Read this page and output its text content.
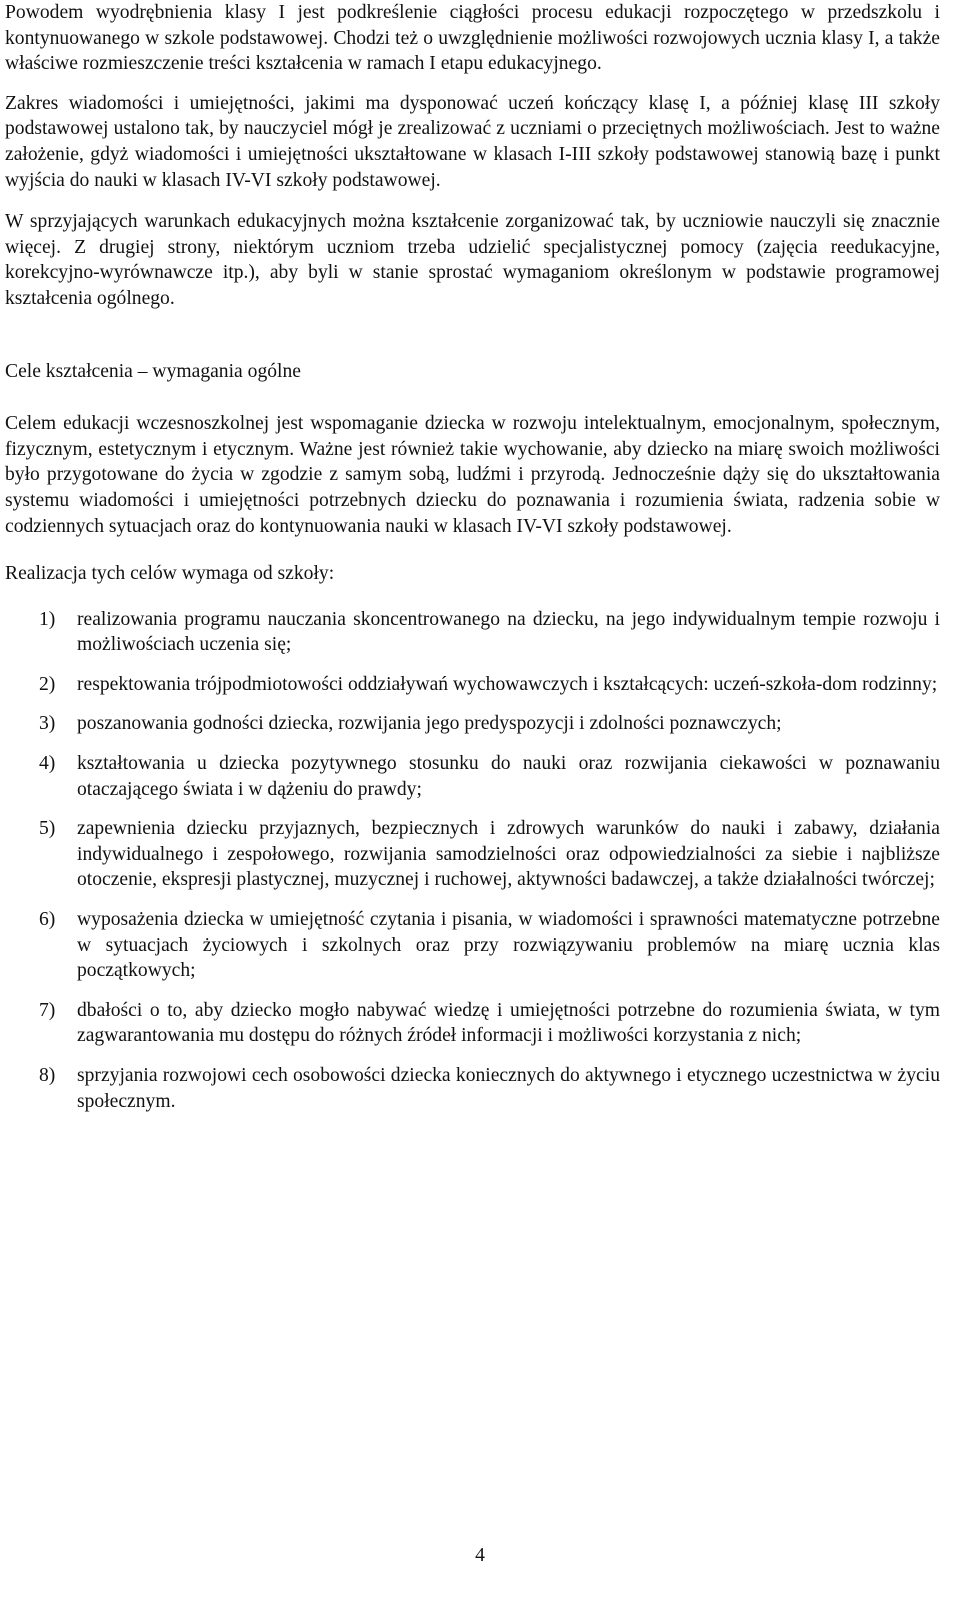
Powodem wyodrębnienia klasy I jest podkreślenie ciągłości procesu edukacji rozpoczętego w przedszkolu i kontynuowanego w szkole podstawowej. Chodzi też o uwzględnienie możliwości rozwojowych ucznia klasy I, a także właściwe rozmieszczenie treści kształcenia w ramach I etapu edukacyjnego.

Zakres wiadomości i umiejętności, jakimi ma dysponować uczeń kończący klasę I, a później klasę III szkoły podstawowej ustalono tak, by nauczyciel mógł je zrealizować z uczniami o przeciętnych możliwościach. Jest to ważne założenie, gdyż wiadomości i umiejętności ukształtowane w klasach I-III szkoły podstawowej stanowią bazę i punkt wyjścia do nauki w klasach IV-VI szkoły podstawowej.

W sprzyjających warunkach edukacyjnych można kształcenie zorganizować tak, by uczniowie nauczyli się znacznie więcej. Z drugiej strony, niektórym uczniom trzeba udzielić specjalistycznej pomocy (zajęcia reedukacyjne, korekcyjno-wyrównawcze itp.), aby byli w stanie sprostać wymaganiom określonym w podstawie programowej kształcenia ogólnego.

Cele kształcenia – wymagania ogólne

Celem edukacji wczesnoszkolnej jest wspomaganie dziecka w rozwoju intelektualnym, emocjonalnym, społecznym, fizycznym, estetycznym i etycznym. Ważne jest również takie wychowanie, aby dziecko na miarę swoich możliwości było przygotowane do życia w zgodzie z samym sobą, ludźmi i przyrodą. Jednocześnie dąży się do ukształtowania systemu wiadomości i umiejętności potrzebnych dziecku do poznawania i rozumienia świata, radzenia sobie w codziennych sytuacjach oraz do kontynuowania nauki w klasach IV-VI szkoły podstawowej.

Realizacja tych celów wymaga od szkoły:

1) realizowania programu nauczania skoncentrowanego na dziecku, na jego indywidualnym tempie rozwoju i możliwościach uczenia się;
2) respektowania trójpodmiotowości oddziaływań wychowawczych i kształcących: uczeń-szkoła-dom rodzinny;
3) poszanowania godności dziecka, rozwijania jego predyspozycji i zdolności poznawczych;
4) kształtowania u dziecka pozytywnego stosunku do nauki oraz rozwijania ciekawości w poznawaniu otaczającego świata i w dążeniu do prawdy;
5) zapewnienia dziecku przyjaznych, bezpiecznych i zdrowych warunków do nauki i zabawy, działania indywidualnego i zespołowego, rozwijania samodzielności oraz odpowiedzialności za siebie i najbliższe otoczenie, ekspresji plastycznej, muzycznej i ruchowej, aktywności badawczej, a także działalności twórczej;
6) wyposażenia dziecka w umiejętność czytania i pisania, w wiadomości i sprawności matematyczne potrzebne w sytuacjach życiowych i szkolnych oraz przy rozwiązywaniu problemów na miarę ucznia klas początkowych;
7) dbałości o to, aby dziecko mogło nabywać wiedzę i umiejętności potrzebne do rozumienia świata, w tym zagwarantowania mu dostępu do różnych źródeł informacji i możliwości korzystania z nich;
8) sprzyjania rozwojowi cech osobowości dziecka koniecznych do aktywnego i etycznego uczestnictwa w życiu społecznym.
4
